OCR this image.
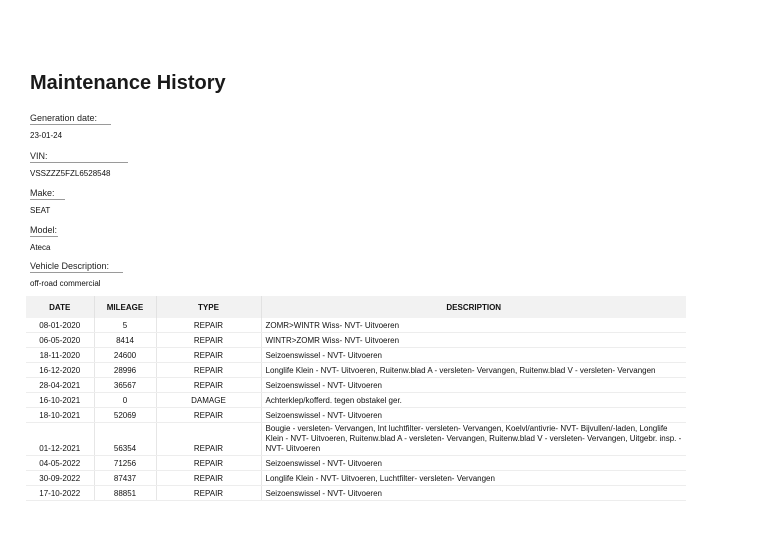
Maintenance History
Generation date:
23-01-24
VIN:
VSSZZZ5FZL6528548
Make:
SEAT
Model:
Ateca
Vehicle Description:
off-road commercial
DATE	MILEAGE	TYPE	DESCRIPTION
08-01-2020	5	REPAIR	ZOMR>WINTR Wiss- NVT- Uitvoeren
06-05-2020	8414	REPAIR	WINTR>ZOMR Wiss- NVT- Uitvoeren
18-11-2020	24600	REPAIR	Seizoenswissel - NVT- Uitvoeren
16-12-2020	28996	REPAIR	Longlife Klein - NVT- Uitvoeren, Ruitenw.blad A - versleten- Vervangen, Ruitenw.blad V - versleten- Vervangen
28-04-2021	36567	REPAIR	Seizoenswissel - NVT- Uitvoeren
16-10-2021	0	DAMAGE	Achterklep/kofferd. tegen obstakel ger.
18-10-2021	52069	REPAIR	Seizoenswissel - NVT- Uitvoeren
01-12-2021	56354	REPAIR	Bougie - versleten- Vervangen, Int luchtfilter- versleten- Vervangen, Koelvl/antivrie- NVT- Bijvullen/-laden, Longlife Klein - NVT- Uitvoeren, Ruitenw.blad A - versleten- Vervangen, Ruitenw.blad V - versleten- Vervangen, Uitgebr. insp. - NVT- Uitvoeren
04-05-2022	71256	REPAIR	Seizoenswissel - NVT- Uitvoeren
30-09-2022	87437	REPAIR	Longlife Klein - NVT- Uitvoeren, Luchtfilter- versleten- Vervangen
17-10-2022	88851	REPAIR	Seizoenswissel - NVT- Uitvoeren
